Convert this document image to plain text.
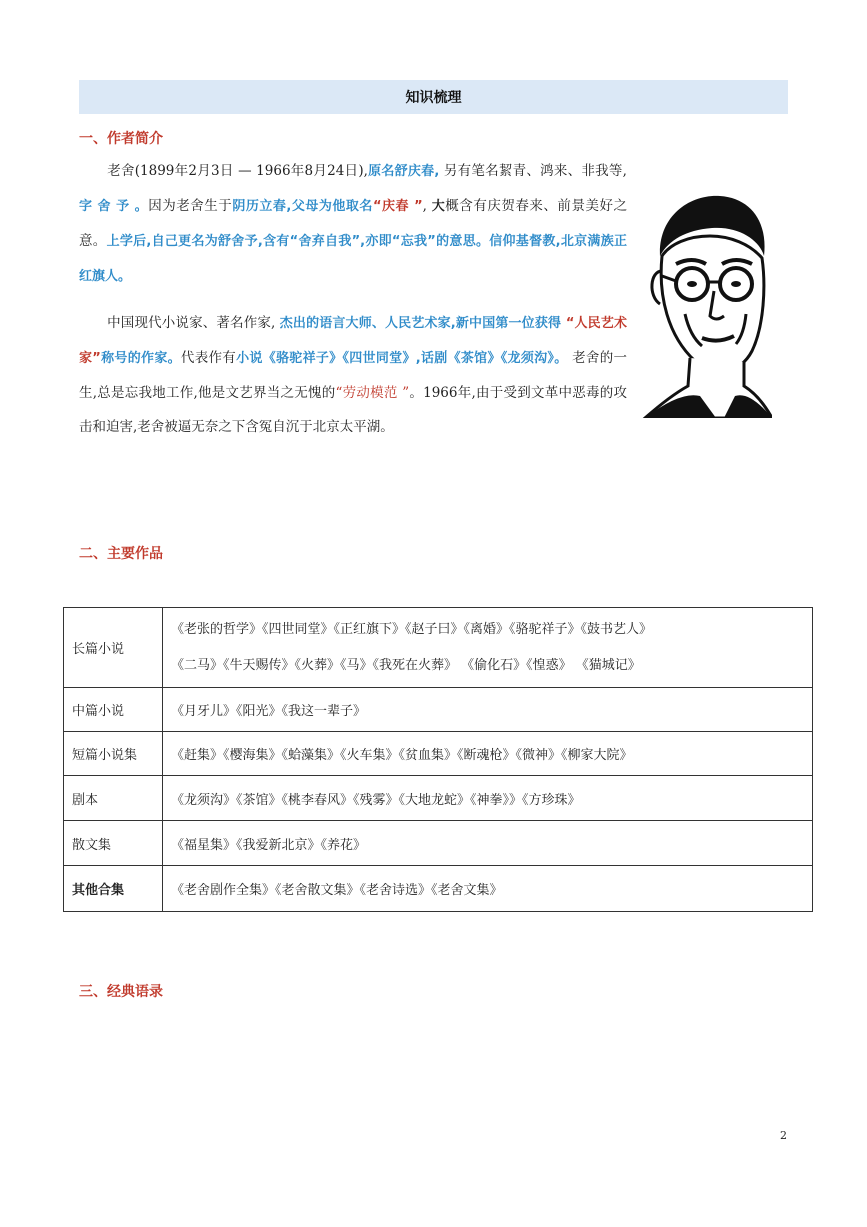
知识梳理
一、作者简介
老舍(1899年2月3日 — 1966年8月24日),原名舒庆春, 另有笔名絜青、鸿来、非我等,字 舍 予 。因为老舍生于阴历立春,父母为他取名“庆春 ”, 大概含有庆贺春来、前景美好之意。上学后,自己更名为舒舍予,含有“舍弃自我”,亦即“忘我”的意思。信仰基督教,北京满族正红旗人。
中国现代小说家、著名作家, 杰出的语言大师、人民艺术家,新中国第一位获得 “人民艺术家”称号的作家。代表作有小说《骆驼祥子》《四世同堂》,话剧《茶馆》《龙须沟》。 老舍的一生,总是忘我地工作,他是文艺界当之无愧的“劳动模范 ”。1966年,由于受到文革中恶毒的攻击和迫害,老舍被逼无奈之下含冤自沉于北京太平湖。
二、主要作品
长篇小说	《老张的哲学》《四世同堂》《正红旗下》《赵子曰》《离婚》《骆驼祥子》《鼓书艺人》
《二马》《牛天赐传》《火葬》《马》《我死在火葬》 《偷化石》《惶惑》 《猫城记》

中篇小说	《月牙儿》《阳光》《我这一辈子》
短篇小说集	《赶集》《樱海集》《蛤藻集》《火车集》《贫血集》《断魂枪》《微神》《柳家大院》
剧本	《龙须沟》《茶馆》《桃李春风》《残雾》《大地龙蛇》《神拳》》《方珍珠》
散文集	《福星集》《我爱新北京》《养花》
其他合集	《老舍剧作全集》《老舍散文集》《老舍诗选》《老舍文集》
三、经典语录
2
